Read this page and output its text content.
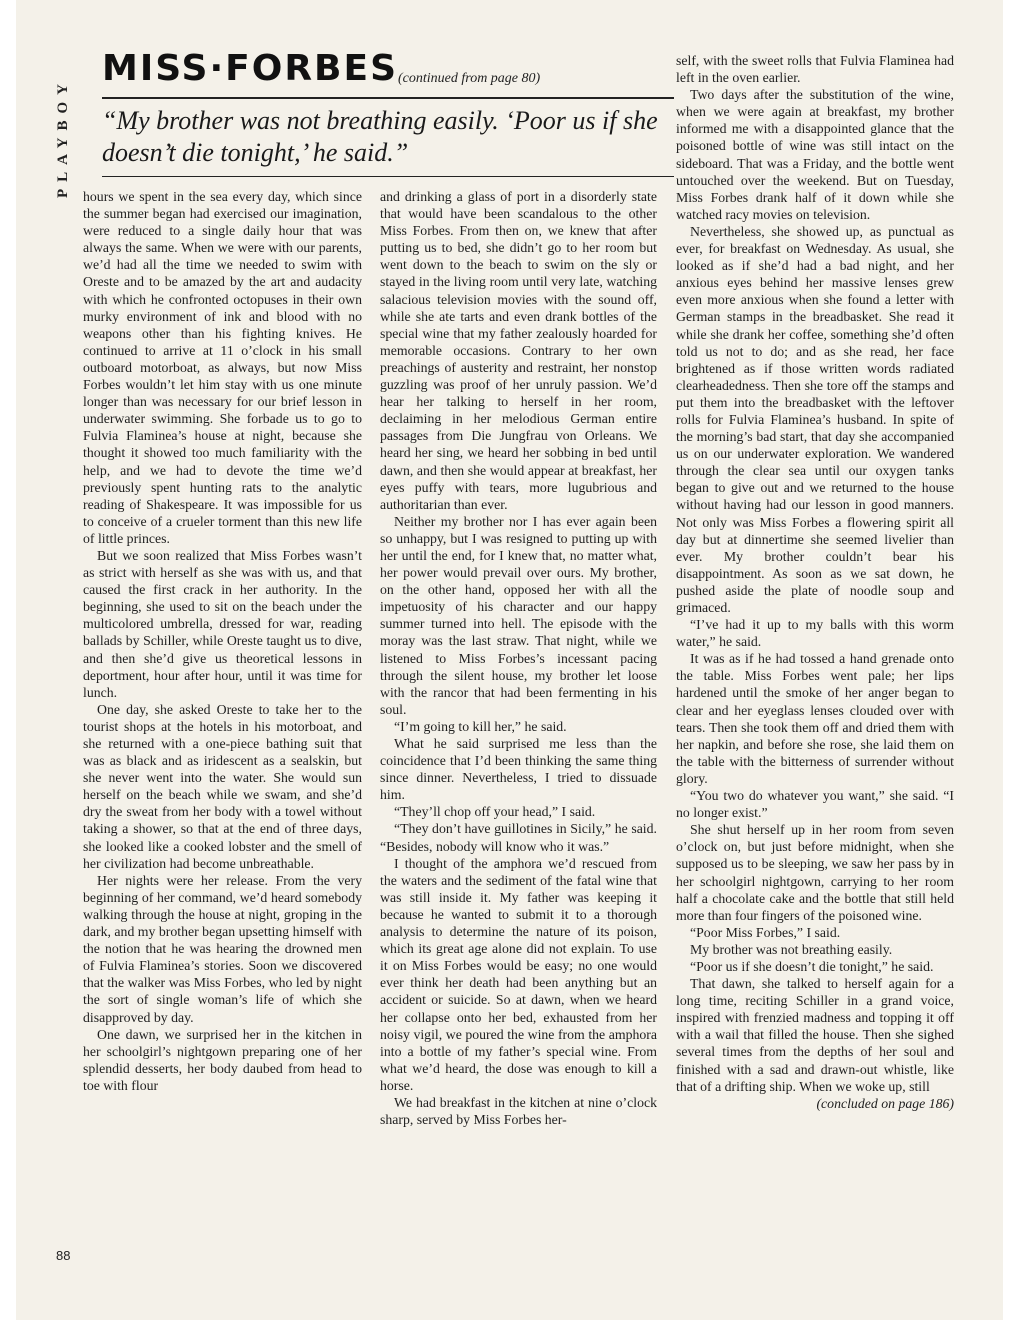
PLAYBOY
MISS·FORBES (continued from page 80)

“My brother was not breathing easily. ‘Poor us if she doesn’t die tonight,’ he said.”

hours we spent in the sea every day, which since the summer began had exercised our imagination, were reduced to a single daily hour that was always the same. When we were with our parents, we’d had all the time we needed to swim with Oreste and to be amazed by the art and audacity with which he confronted octopuses in their own murky environment of ink and blood with no weapons other than his fighting knives. He continued to arrive at 11 o’clock in his small outboard motorboat, as always, but now Miss Forbes wouldn’t let him stay with us one minute longer than was necessary for our brief lesson in underwater swimming. She forbade us to go to Fulvia Flaminea’s house at night, because she thought it showed too much familiarity with the help, and we had to devote the time we’d previously spent hunting rats to the analytic reading of Shakespeare. It was impossible for us to conceive of a crueler torment than this new life of little princes.

But we soon realized that Miss Forbes wasn’t as strict with herself as she was with us, and that caused the first crack in her authority. In the beginning, she used to sit on the beach under the multicolored umbrella, dressed for war, reading ballads by Schiller, while Oreste taught us to dive, and then she’d give us theoretical lessons in deportment, hour after hour, until it was time for lunch.

One day, she asked Oreste to take her to the tourist shops at the hotels in his motorboat, and she returned with a one-piece bathing suit that was as black and as iridescent as a sealskin, but she never went into the water. She would sun herself on the beach while we swam, and she’d dry the sweat from her body with a towel without taking a shower, so that at the end of three days, she looked like a cooked lobster and the smell of her civilization had become unbreathable.

Her nights were her release. From the very beginning of her command, we’d heard somebody walking through the house at night, groping in the dark, and my brother began upsetting himself with the notion that he was hearing the drowned men of Fulvia Flaminea’s stories. Soon we discovered that the walker was Miss Forbes, who led by night the sort of single woman’s life of which she disapproved by day.

One dawn, we surprised her in the kitchen in her schoolgirl’s nightgown preparing one of her splendid desserts, her body daubed from head to toe with flour

and drinking a glass of port in a disorderly state that would have been scandalous to the other Miss Forbes. From then on, we knew that after putting us to bed, she didn’t go to her room but went down to the beach to swim on the sly or stayed in the living room until very late, watching salacious television movies with the sound off, while she ate tarts and even drank bottles of the special wine that my father zealously hoarded for memorable occasions. Contrary to her own preachings of austerity and restraint, her nonstop guzzling was proof of her unruly passion. We’d hear her talking to herself in her room, declaiming in her melodious German entire passages from Die Jungfrau von Orleans. We heard her sing, we heard her sobbing in bed until dawn, and then she would appear at breakfast, her eyes puffy with tears, more lugubrious and authoritarian than ever.

Neither my brother nor I has ever again been so unhappy, but I was resigned to putting up with her until the end, for I knew that, no matter what, her power would prevail over ours. My brother, on the other hand, opposed her with all the impetuosity of his character and our happy summer turned into hell. The episode with the moray was the last straw. That night, while we listened to Miss Forbes’s incessant pacing through the silent house, my brother let loose with the rancor that had been fermenting in his soul.

“I’m going to kill her,” he said.

What he said surprised me less than the coincidence that I’d been thinking the same thing since dinner. Nevertheless, I tried to dissuade him.

“They’ll chop off your head,” I said.

“They don’t have guillotines in Sicily,” he said. “Besides, nobody will know who it was.”

I thought of the amphora we’d rescued from the waters and the sediment of the fatal wine that was still inside it. My father was keeping it because he wanted to submit it to a thorough analysis to determine the nature of its poison, which its great age alone did not explain. To use it on Miss Forbes would be easy; no one would ever think her death had been anything but an accident or suicide. So at dawn, when we heard her collapse onto her bed, exhausted from her noisy vigil, we poured the wine from the amphora into a bottle of my father’s special wine. From what we’d heard, the dose was enough to kill a horse.

We had breakfast in the kitchen at nine o’clock sharp, served by Miss Forbes her-

self, with the sweet rolls that Fulvia Flaminea had left in the oven earlier.

Two days after the substitution of the wine, when we were again at breakfast, my brother informed me with a disappointed glance that the poisoned bottle of wine was still intact on the sideboard. That was a Friday, and the bottle went untouched over the weekend. But on Tuesday, Miss Forbes drank half of it down while she watched racy movies on television.

Nevertheless, she showed up, as punctual as ever, for breakfast on Wednesday. As usual, she looked as if she’d had a bad night, and her anxious eyes behind her massive lenses grew even more anxious when she found a letter with German stamps in the breadbasket. She read it while she drank her coffee, something she’d often told us not to do; and as she read, her face brightened as if those written words radiated clearheadedness. Then she tore off the stamps and put them into the breadbasket with the leftover rolls for Fulvia Flaminea’s husband. In spite of the morning’s bad start, that day she accompanied us on our underwater exploration. We wandered through the clear sea until our oxygen tanks began to give out and we returned to the house without having had our lesson in good manners. Not only was Miss Forbes a flowering spirit all day but at dinnertime she seemed livelier than ever. My brother couldn’t bear his disappointment. As soon as we sat down, he pushed aside the plate of noodle soup and grimaced.

“I’ve had it up to my balls with this worm water,” he said.

It was as if he had tossed a hand grenade onto the table. Miss Forbes went pale; her lips hardened until the smoke of her anger began to clear and her eyeglass lenses clouded over with tears. Then she took them off and dried them with her napkin, and before she rose, she laid them on the table with the bitterness of surrender without glory.

“You two do whatever you want,” she said. “I no longer exist.”

She shut herself up in her room from seven o’clock on, but just before midnight, when she supposed us to be sleeping, we saw her pass by in her schoolgirl nightgown, carrying to her room half a chocolate cake and the bottle that still held more than four fingers of the poisoned wine.

“Poor Miss Forbes,” I said.

My brother was not breathing easily.

“Poor us if she doesn’t die tonight,” he said.

That dawn, she talked to herself again for a long time, reciting Schiller in a grand voice, inspired with frenzied madness and topping it off with a wail that filled the house. Then she sighed several times from the depths of her soul and finished with a sad and drawn-out whistle, like that of a drifting ship. When we woke up, still

(concluded on page 186)

88
